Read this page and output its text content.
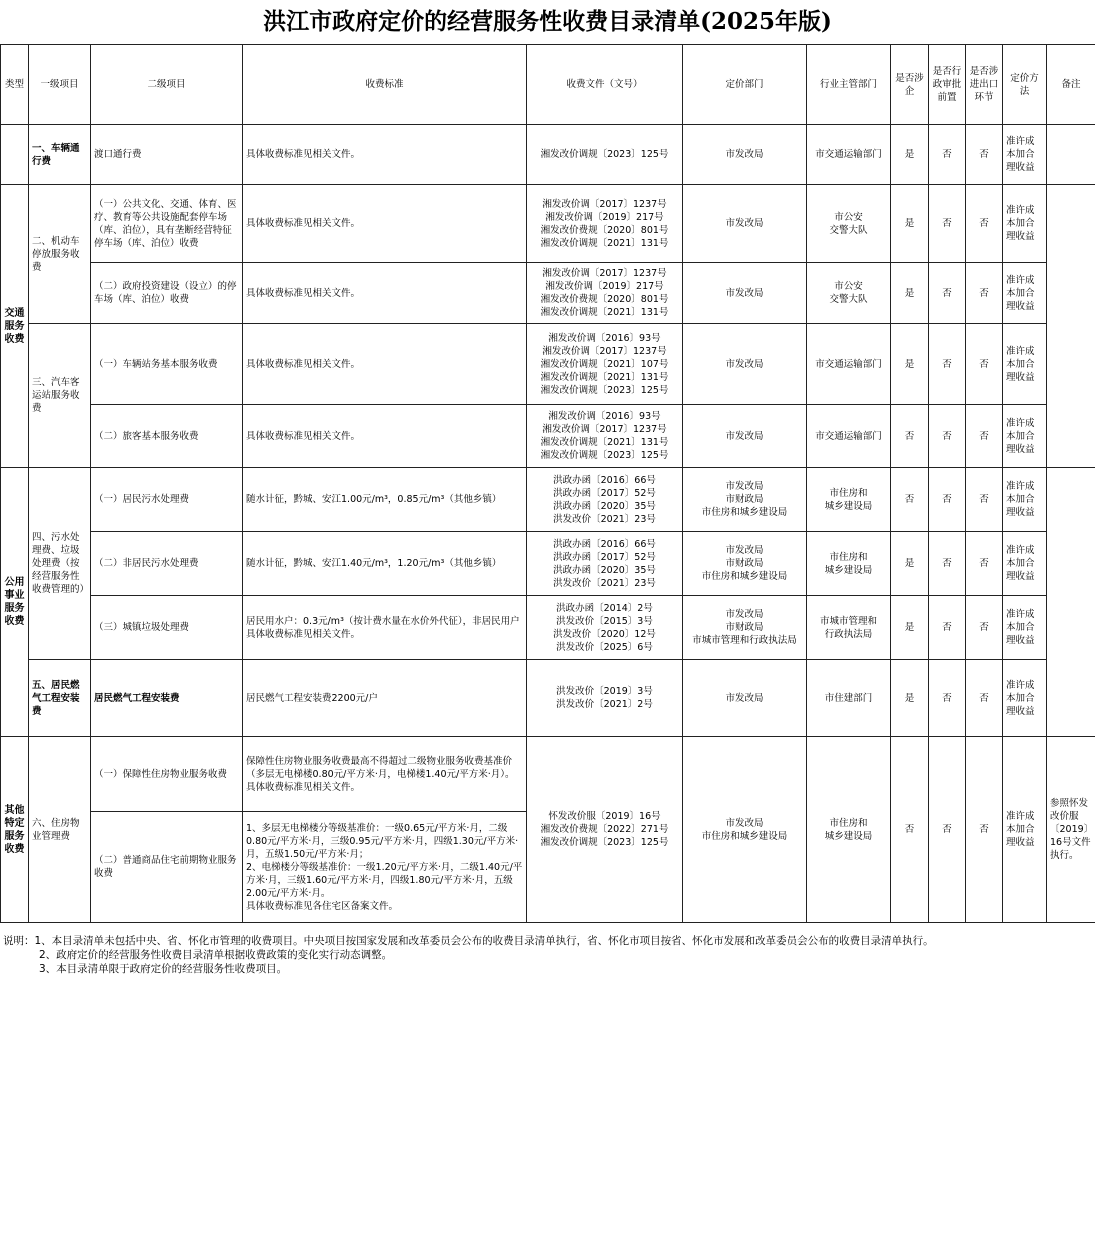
洪江市政府定价的经营服务性收费目录清单(2025年版)
类型	一级项目	二级项目	收费标准	收费文件（文号）	定价部门	行业主管部门	是否涉企	是否行政审批前置	是否涉进出口环节	定价方法	备注
	一、车辆通行费	渡口通行费	具体收费标准见相关文件。	湘发改价调规〔2023〕125号	市发改局	市交通运输部门	是	否	否	准许成本加合理收益	
交通服务收费	二、机动车停放服务收费	（一）公共文化、交通、体育、医疗、教育等公共设施配套停车场（库、泊位），具有垄断经营特征停车场（库、泊位）收费	具体收费标准见相关文件。	湘发改价调〔2017〕1237号
湘发改价调〔2019〕217号
湘发改价费规〔2020〕801号
湘发改价调规〔2021〕131号	市发改局	市公安
交警大队	是	否	否	准许成本加合理收益	
		（二）政府投资建设（设立）的停车场（库、泊位）收费	具体收费标准见相关文件。	湘发改价调〔2017〕1237号
湘发改价调〔2019〕217号
湘发改价费规〔2020〕801号
湘发改价调规〔2021〕131号	市发改局	市公安
交警大队	是	否	否	准许成本加合理收益	
	三、汽车客运站服务收费	（一）车辆站务基本服务收费	具体收费标准见相关文件。	湘发改价调〔2016〕93号
湘发改价调〔2017〕1237号
湘发改价调规〔2021〕107号
湘发改价调规〔2021〕131号
湘发改价调规〔2023〕125号	市发改局	市交通运输部门	是	否	否	准许成本加合理收益	
		（二）旅客基本服务收费	具体收费标准见相关文件。	湘发改价调〔2016〕93号
湘发改价调〔2017〕1237号
湘发改价调规〔2021〕131号
湘发改价调规〔2023〕125号	市发改局	市交通运输部门	否	否	否	准许成本加合理收益	
公用事业服务收费	四、污水处理费、垃圾处理费（按经营服务性收费管理的）	（一）居民污水处理费	随水计征，黔城、安江1.00元/m³，0.85元/m³（其他乡镇）	洪政办函〔2016〕66号
洪政办函〔2017〕52号
洪政办函〔2020〕35号
洪发改价〔2021〕23号	市发改局
市财政局
市住房和城乡建设局	市住房和
城乡建设局	否	否	否	准许成本加合理收益	
		（二）非居民污水处理费	随水计征，黔城、安江1.40元/m³，1.20元/m³（其他乡镇）	洪政办函〔2016〕66号
洪政办函〔2017〕52号
洪政办函〔2020〕35号
洪发改价〔2021〕23号	市发改局
市财政局
市住房和城乡建设局	市住房和
城乡建设局	是	否	否	准许成本加合理收益	
		（三）城镇垃圾处理费	居民用水户：0.3元/m³（按计费水量在水价外代征），非居民用户具体收费标准见相关文件。	洪政办函〔2014〕2号
洪发改价〔2015〕3号
洪发改价〔2020〕12号
洪发改价〔2025〕6号	市发改局
市财政局
市城市管理和行政执法局	市城市管理和
行政执法局	是	否	否	准许成本加合理收益	
	五、居民燃气工程安装费	居民燃气工程安装费	居民燃气工程安装费2200元/户	洪发改价〔2019〕3号
洪发改价〔2021〕2号	市发改局	市住建部门	是	否	否	准许成本加合理收益	
其他特定服务收费	六、住房物业管理费	（一）保障性住房物业服务收费	保障性住房物业服务收费最高不得超过二级物业服务收费基准价（多层无电梯楼0.80元/平方米·月，电梯楼1.40元/平方米·月）。具体收费标准见相关文件。	怀发改价服〔2019〕16号
湘发改价费规〔2022〕271号
湘发改价调规〔2023〕125号	市发改局
市住房和城乡建设局	市住房和
城乡建设局	否	否	否	准许成本加合理收益	参照怀发改价服〔2019〕16号文件执行。
		（二）普通商品住宅前期物业服务收费	1、多层无电梯楼分等级基准价：一级0.65元/平方米·月，二级0.80元/平方米·月，三级0.95元/平方米·月，四级1.30元/平方米·月，五级1.50元/平方米·月；
2、电梯楼分等级基准价：一级1.20元/平方米·月，二级1.40元/平方米·月，三级1.60元/平方米·月，四级1.80元/平方米·月，五级2.00元/平方米·月。
具体收费标准见各住宅区备案文件。								
说明：1、本目录清单未包括中央、省、怀化市管理的收费项目。中央项目按国家发展和改革委员会公布的收费目录清单执行，省、怀化市项目按省、怀化市发展和改革委员会公布的收费目录清单执行。
2、政府定价的经营服务性收费目录清单根据收费政策的变化实行动态调整。
3、本目录清单限于政府定价的经营服务性收费项目。
